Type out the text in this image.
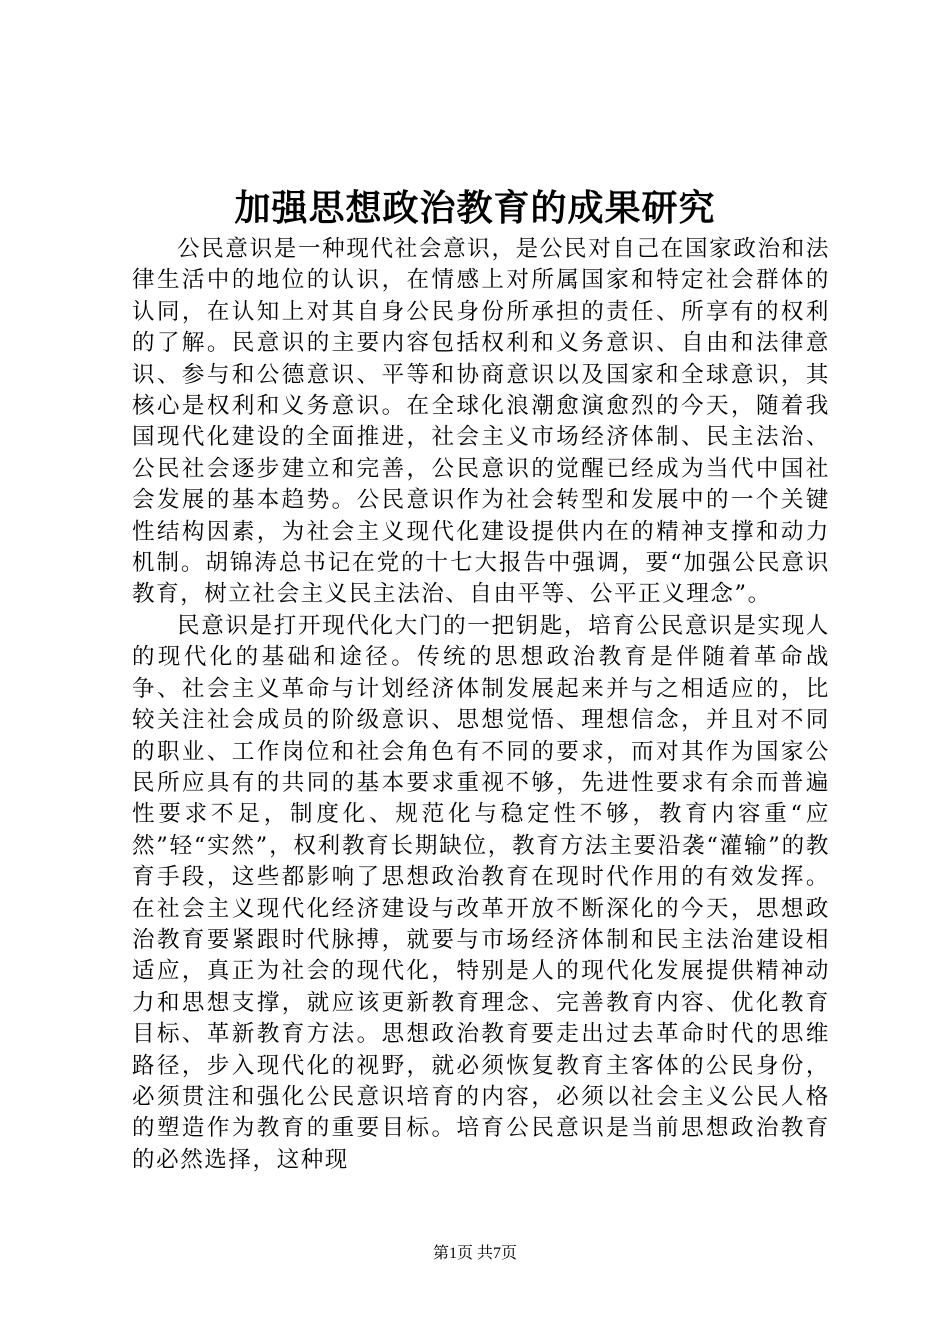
加强思想政治教育的成果研究

公民意识是一种现代社会意识，是公民对自己在国家政治和法律生活中的地位的认识，在情感上对所属国家和特定社会群体的认同，在认知上对其自身公民身份所承担的责任、所享有的权利的了解。民意识的主要内容包括权利和义务意识、自由和法律意识、参与和公德意识、平等和协商意识以及国家和全球意识，其核心是权利和义务意识。在全球化浪潮愈演愈烈的今天，随着我国现代化建设的全面推进，社会主义市场经济体制、民主法治、公民社会逐步建立和完善，公民意识的觉醒已经成为当代中国社会发展的基本趋势。公民意识作为社会转型和发展中的一个关键性结构因素，为社会主义现代化建设提供内在的精神支撑和动力机制。胡锦涛总书记在党的十七大报告中强调，要“加强公民意识教育，树立社会主义民主法治、自由平等、公平正义理念”。

民意识是打开现代化大门的一把钥匙，培育公民意识是实现人的现代化的基础和途径。传统的思想政治教育是伴随着革命战争、社会主义革命与计划经济体制发展起来并与之相适应的，比较关注社会成员的阶级意识、思想觉悟、理想信念，并且对不同的职业、工作岗位和社会角色有不同的要求，而对其作为国家公民所应具有的共同的基本要求重视不够，先进性要求有余而普遍性要求不足，制度化、规范化与稳定性不够，教育内容重“应然”轻“实然”，权利教育长期缺位，教育方法主要沿袭“灌输”的教育手段，这些都影响了思想政治教育在现时代作用的有效发挥。在社会主义现代化经济建设与改革开放不断深化的今天，思想政治教育要紧跟时代脉搏，就要与市场经济体制和民主法治建设相适应，真正为社会的现代化，特别是人的现代化发展提供精神动力和思想支撑，就应该更新教育理念、完善教育内容、优化教育目标、革新教育方法。思想政治教育要走出过去革命时代的思维路径，步入现代化的视野，就必须恢复教育主客体的公民身份，必须贯注和强化公民意识培育的内容，必须以社会主义公民人格的塑造作为教育的重要目标。培育公民意识是当前思想政治教育的必然选择，这种现

第1页 共7页
